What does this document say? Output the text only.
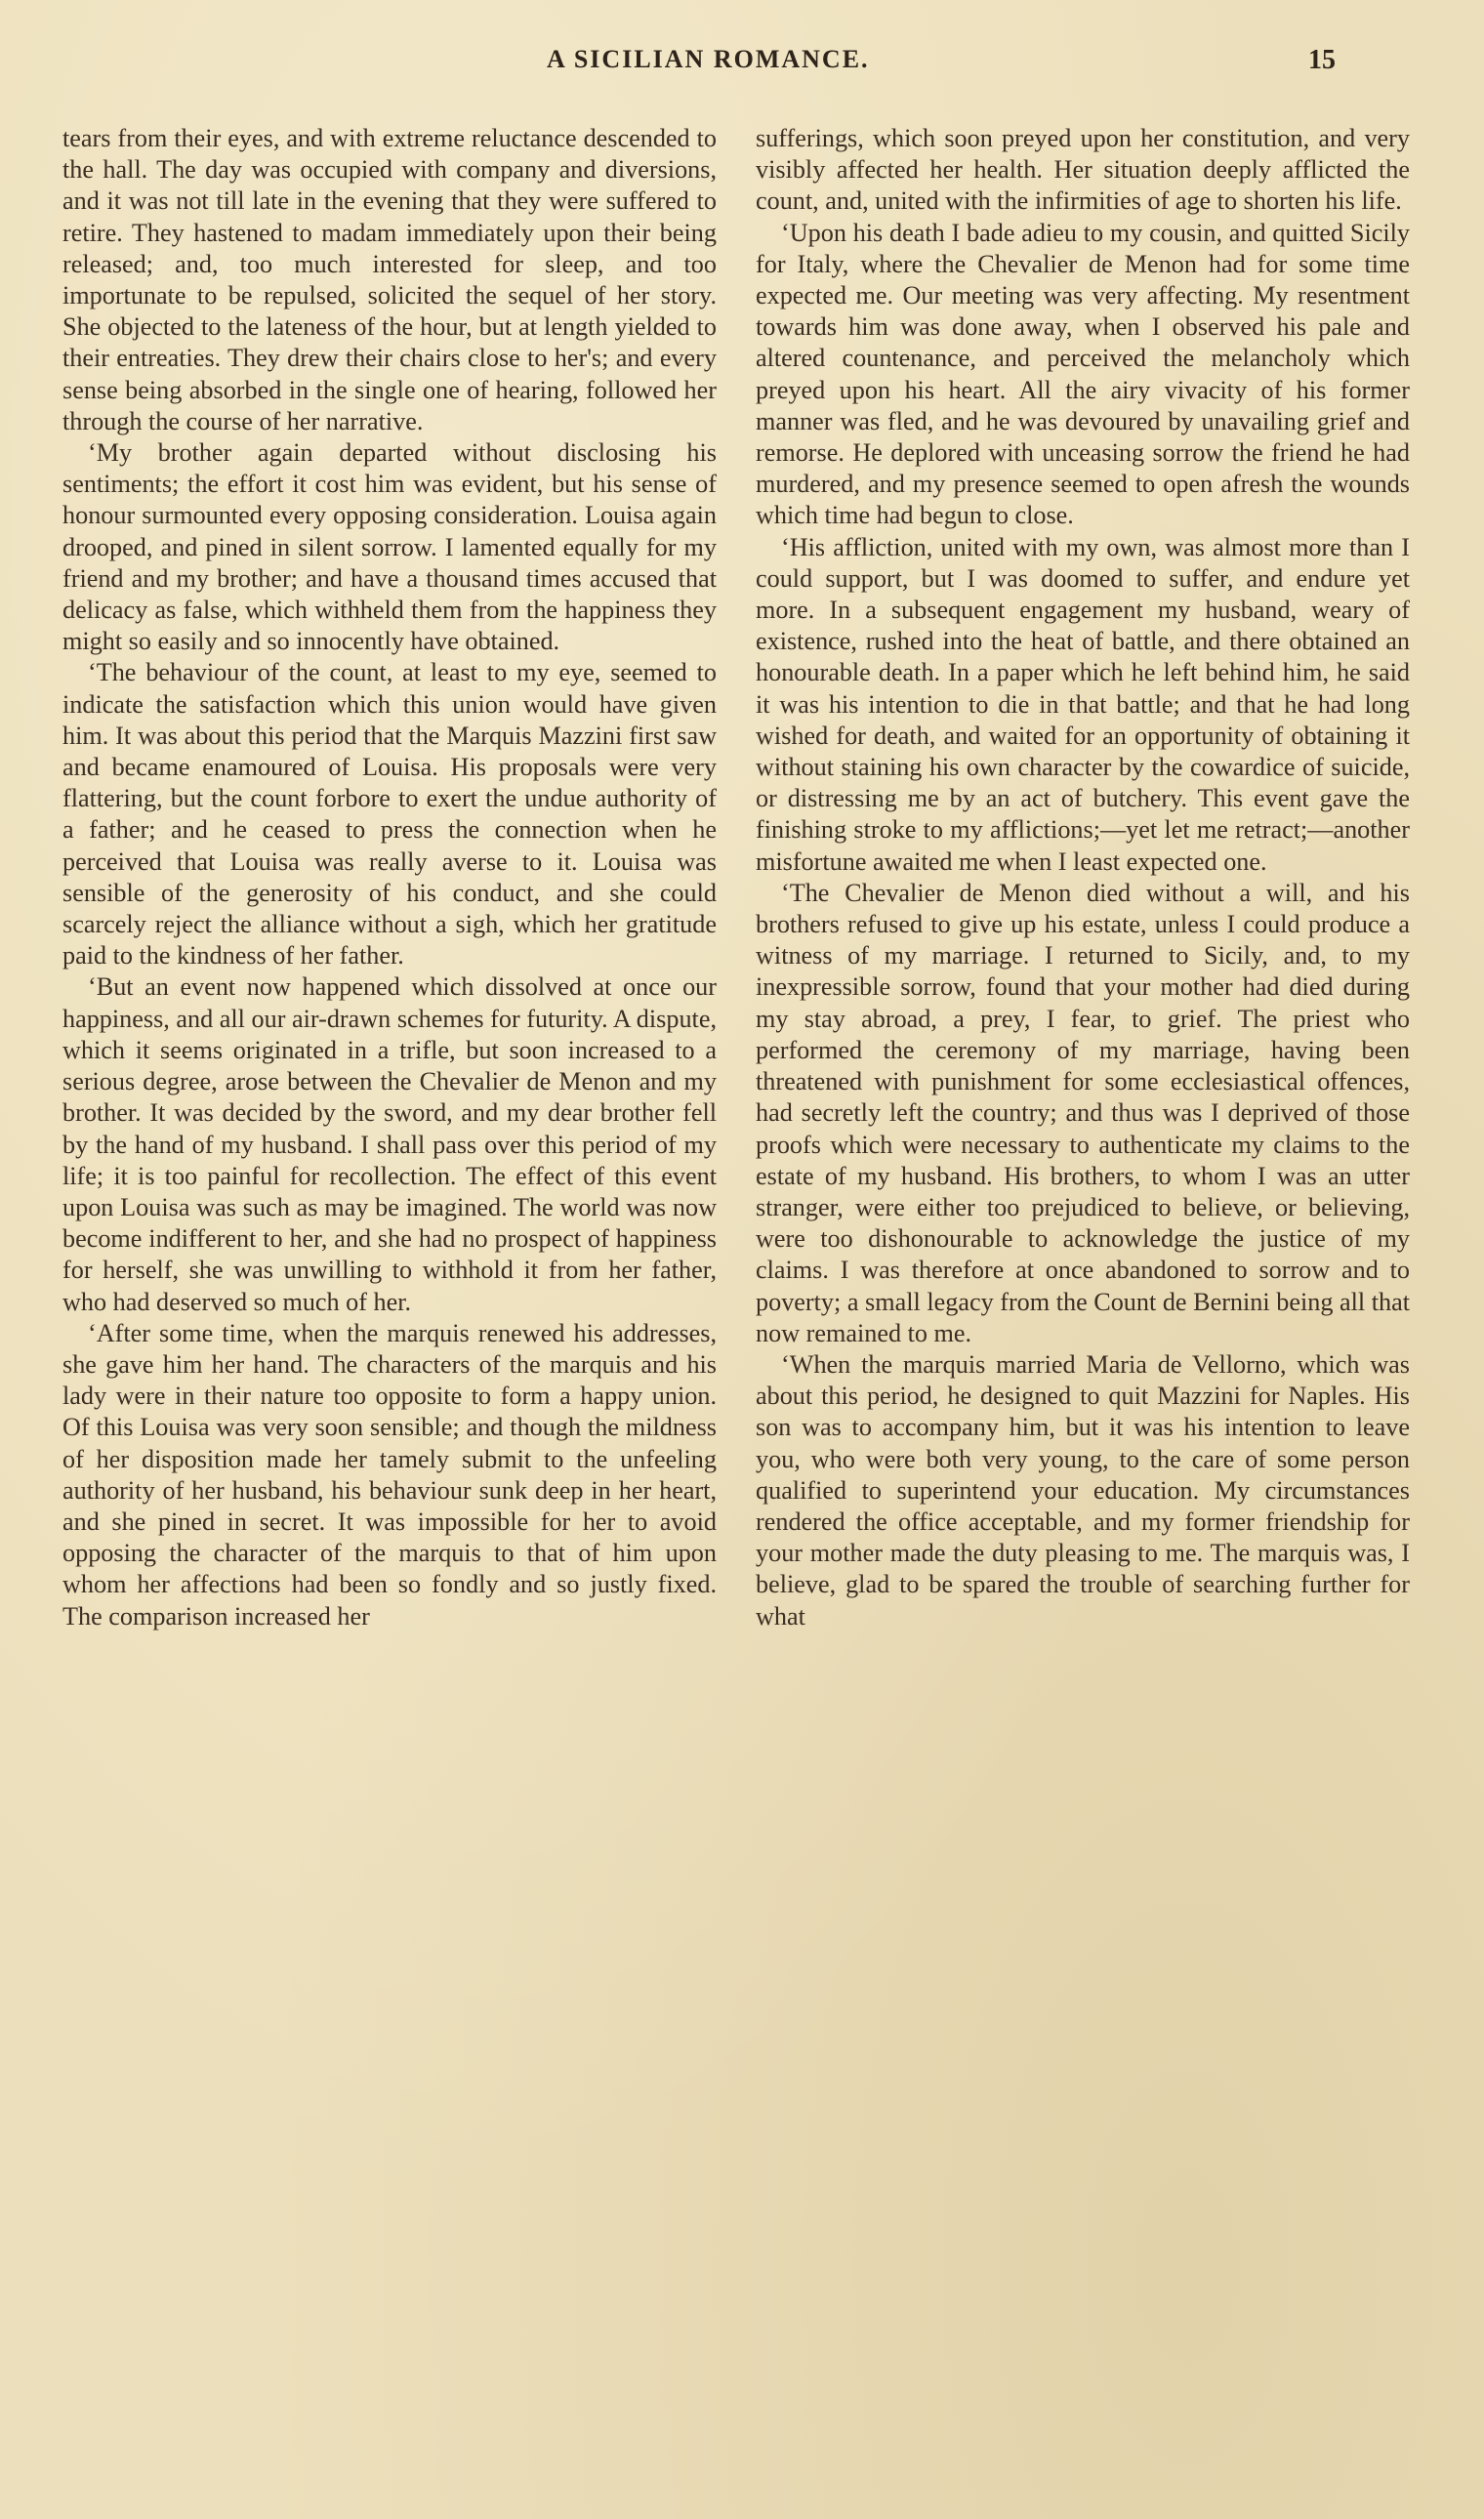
A SICILIAN ROMANCE.	15

tears from their eyes, and with extreme reluctance descended to the hall. The day was occupied with company and diversions, and it was not till late in the evening that they were suffered to retire. They hastened to madam immediately upon their being released; and, too much interested for sleep, and too importunate to be repulsed, solicited the sequel of her story. She objected to the lateness of the hour, but at length yielded to their entreaties. They drew their chairs close to her's; and every sense being absorbed in the single one of hearing, followed her through the course of her narrative.

‘My brother again departed without disclosing his sentiments; the effort it cost him was evident, but his sense of honour surmounted every opposing consideration. Louisa again drooped, and pined in silent sorrow. I lamented equally for my friend and my brother; and have a thousand times accused that delicacy as false, which withheld them from the happiness they might so easily and so innocently have obtained.

‘The behaviour of the count, at least to my eye, seemed to indicate the satisfaction which this union would have given him. It was about this period that the Marquis Mazzini first saw and became enamoured of Louisa. His proposals were very flattering, but the count forbore to exert the undue authority of a father; and he ceased to press the connection when he perceived that Louisa was really averse to it. Louisa was sensible of the generosity of his conduct, and she could scarcely reject the alliance without a sigh, which her gratitude paid to the kindness of her father.

‘But an event now happened which dissolved at once our happiness, and all our air-drawn schemes for futurity. A dispute, which it seems originated in a trifle, but soon increased to a serious degree, arose between the Chevalier de Menon and my brother. It was decided by the sword, and my dear brother fell by the hand of my husband. I shall pass over this period of my life; it is too painful for recollection. The effect of this event upon Louisa was such as may be imagined. The world was now become indifferent to her, and she had no prospect of happiness for herself, she was unwilling to withhold it from her father, who had deserved so much of her.

‘After some time, when the marquis renewed his addresses, she gave him her hand. The characters of the marquis and his lady were in their nature too opposite to form a happy union. Of this Louisa was very soon sensible; and though the mildness of her disposition made her tamely submit to the unfeeling authority of her husband, his behaviour sunk deep in her heart, and she pined in secret. It was impossible for her to avoid opposing the character of the marquis to that of him upon whom her affections had been so fondly and so justly fixed. The comparison increased her

sufferings, which soon preyed upon her constitution, and very visibly affected her health. Her situation deeply afflicted the count, and, united with the infirmities of age to shorten his life.

‘Upon his death I bade adieu to my cousin, and quitted Sicily for Italy, where the Chevalier de Menon had for some time expected me. Our meeting was very affecting. My resentment towards him was done away, when I observed his pale and altered countenance, and perceived the melancholy which preyed upon his heart. All the airy vivacity of his former manner was fled, and he was devoured by unavailing grief and remorse. He deplored with unceasing sorrow the friend he had murdered, and my presence seemed to open afresh the wounds which time had begun to close.

‘His affliction, united with my own, was almost more than I could support, but I was doomed to suffer, and endure yet more. In a subsequent engagement my husband, weary of existence, rushed into the heat of battle, and there obtained an honourable death. In a paper which he left behind him, he said it was his intention to die in that battle; and that he had long wished for death, and waited for an opportunity of obtaining it without staining his own character by the cowardice of suicide, or distressing me by an act of butchery. This event gave the finishing stroke to my afflictions;—yet let me retract;—another misfortune awaited me when I least expected one.

‘The Chevalier de Menon died without a will, and his brothers refused to give up his estate, unless I could produce a witness of my marriage. I returned to Sicily, and, to my inexpressible sorrow, found that your mother had died during my stay abroad, a prey, I fear, to grief. The priest who performed the ceremony of my marriage, having been threatened with punishment for some ecclesiastical offences, had secretly left the country; and thus was I deprived of those proofs which were necessary to authenticate my claims to the estate of my husband. His brothers, to whom I was an utter stranger, were either too prejudiced to believe, or believing, were too dishonourable to acknowledge the justice of my claims. I was therefore at once abandoned to sorrow and to poverty; a small legacy from the Count de Bernini being all that now remained to me.

‘When the marquis married Maria de Vellorno, which was about this period, he designed to quit Mazzini for Naples. His son was to accompany him, but it was his intention to leave you, who were both very young, to the care of some person qualified to superintend your education. My circumstances rendered the office acceptable, and my former friendship for your mother made the duty pleasing to me. The marquis was, I believe, glad to be spared the trouble of searching further for what
